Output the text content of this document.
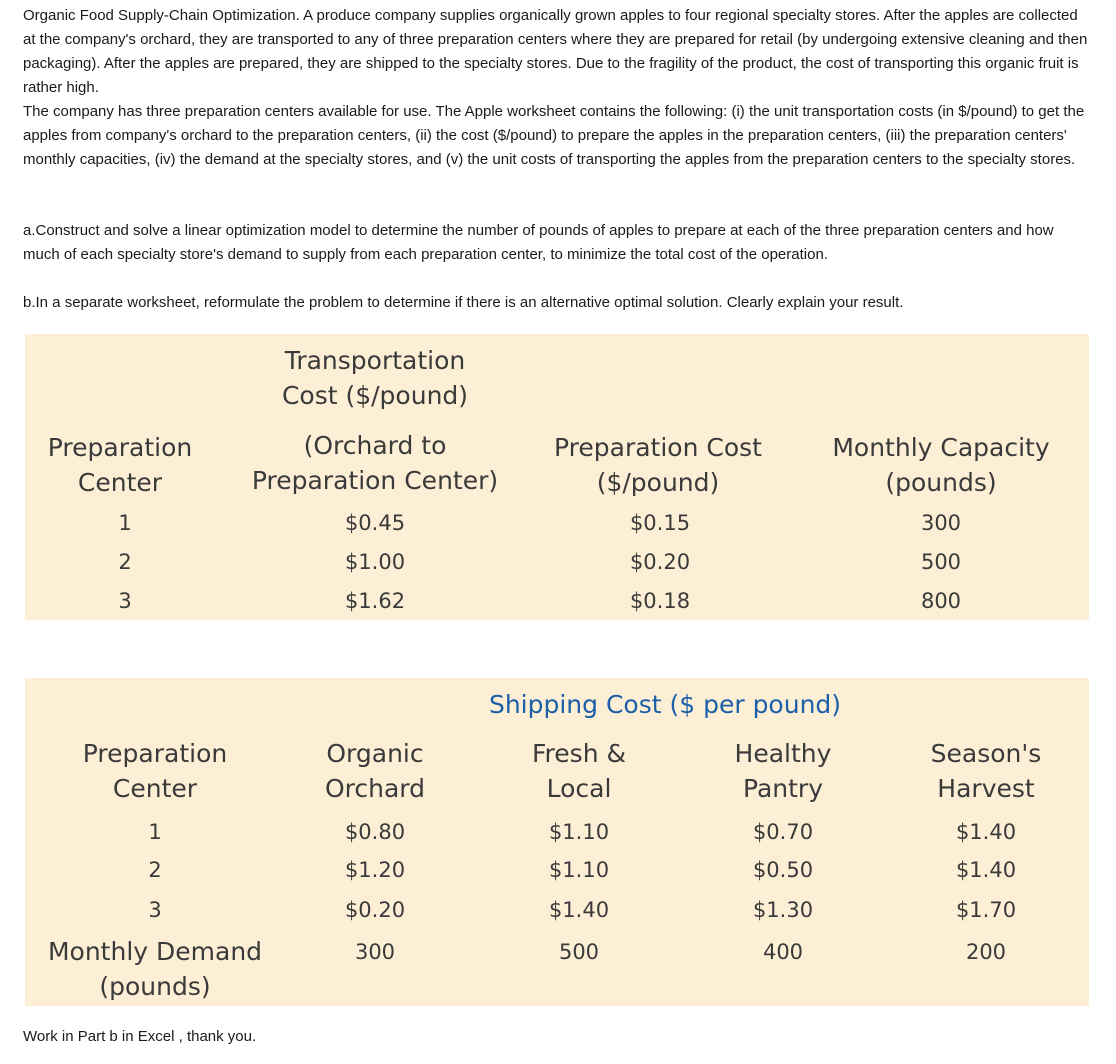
Organic Food Supply-Chain Optimization. A produce company supplies organically grown apples to four regional specialty stores. After the apples are collected at the company's orchard, they are transported to any of three preparation centers where they are prepared for retail (by undergoing extensive cleaning and then packaging). After the apples are prepared, they are shipped to the specialty stores. Due to the fragility of the product, the cost of transporting this organic fruit is rather high.

The company has three preparation centers available for use. The Apple worksheet contains the following: (i) the unit transportation costs (in $/pound) to get the apples from company's orchard to the preparation centers, (ii) the cost ($/pound) to prepare the apples in the preparation centers, (iii) the preparation centers' monthly capacities, (iv) the demand at the specialty stores, and (v) the unit costs of transporting the apples from the preparation centers to the specialty stores.

a.Construct and solve a linear optimization model to determine the number of pounds of apples to prepare at each of the three preparation centers and how much of each specialty store's demand to supply from each preparation center, to minimize the total cost of the operation.

b.In a separate worksheet, reformulate the problem to determine if there is an alternative optimal solution. Clearly explain your result.

Preparation
Center
Transportation
Cost ($/pound)
(Orchard to
Preparation Center)
Preparation Cost
($/pound)
Monthly Capacity
(pounds)
1	$0.45	$0.15	300
2	$1.00	$0.20	500
3	$1.62	$0.18	800
Shipping Cost ($ per pound)
Preparation
Center
Organic
Orchard
Fresh &
Local
Healthy
Pantry
Season's
Harvest
1	$0.80	$1.10	$0.70	$1.40
2	$1.20	$1.10	$0.50	$1.40
3	$0.20	$1.40	$1.30	$1.70
Monthly Demand
(pounds)
300	500	400	200
Work in Part b in Excel , thank you.
